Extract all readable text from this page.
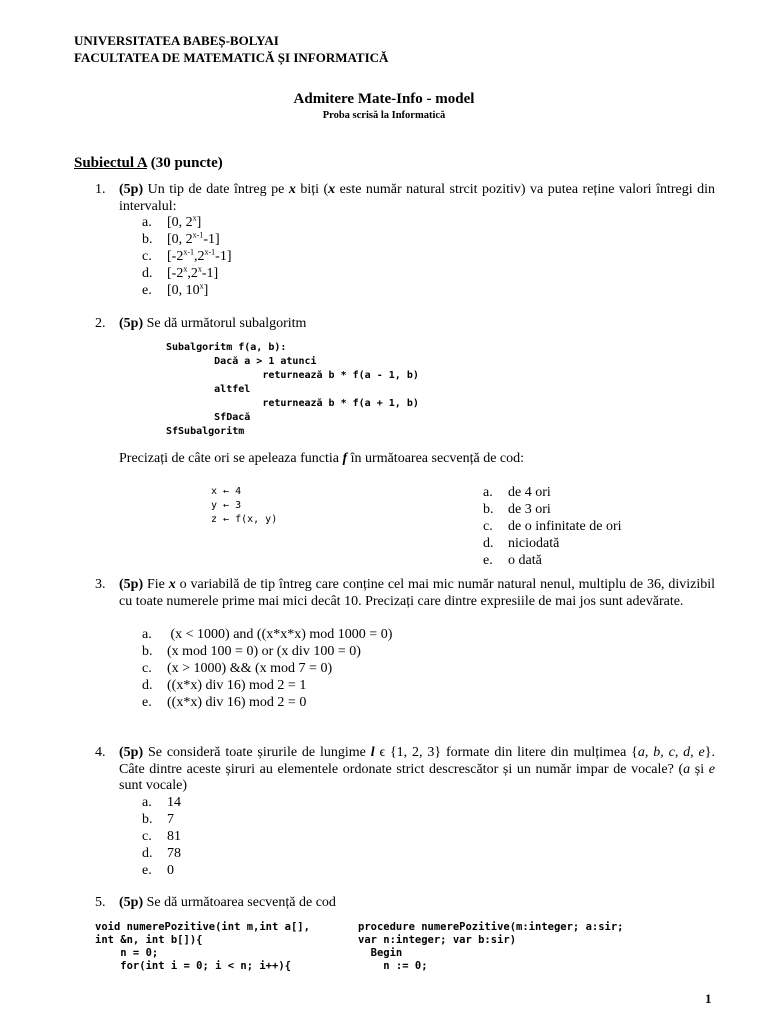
UNIVERSITATEA BABEȘ-BOLYAI
FACULTATEA DE MATEMATICĂ ȘI INFORMATICĂ
Admitere Mate-Info - model
Proba scrisă la Informatică
Subiectul A (30 puncte)
1. (5p) Un tip de date întreg pe x biți (x este număr natural strcit pozitiv) va putea reține valori întregi din intervalul:
a. [0, 2$^x$]
b. [0, 2$^{x-1}$-1]
c. [-2$^{x-1}$,2$^{x-1}$-1]
d. [-2$^x$,2$^x$-1]
e. [0, 10$^x$]
2. (5p) Se dă următorul subalgoritm
Subalgoritm f(a, b):
Dacă a > 1 atunci
returnează b * f(a - 1, b)
altfel
returnează b * f(a + 1, b)
SfDacă
SfSubalgoritm
Precizați de câte ori se apeleaza functia f în următoarea secvență de cod:
x ← 4
y ← 3
z ← f(x, y)
a. de 4 ori
b. de 3 ori
c. de o infinitate de ori
d. niciodată
e. o dată
3. (5p) Fie x o variabilă de tip întreg care conține cel mai mic număr natural nenul, multiplu de 36, divizibil cu toate numerele prime mai mici decât 10. Precizați care dintre expresiile de mai jos sunt adevărate.
a. (x < 1000) and ((x*x*x) mod 1000 = 0)
b. (x mod 100 = 0) or (x div 100 = 0)
c. (x > 1000) && (x mod 7 = 0)
d. ((x*x) div 16) mod 2 = 1
e. ((x*x) div 16) mod 2 = 0
4. (5p) Se consideră toate șirurile de lungime l ϵ {1, 2, 3} formate din litere din mulțimea {a, b, c, d, e}. Câte dintre aceste șiruri au elementele ordonate strict descrescător și un număr impar de vocale? (a și e sunt vocale)
a. 14
b. 7
c. 81
d. 78
e. 0
5. (5p) Se dă următoarea secvență de cod
void numerePozitive(int m,int a[],
int &n, int b[]){
n = 0;
for(int i = 0; i < n; i++){
procedure numerePozitive(m:integer; a:sir;
var n:integer; var b:sir)
Begin
n := 0;
1
